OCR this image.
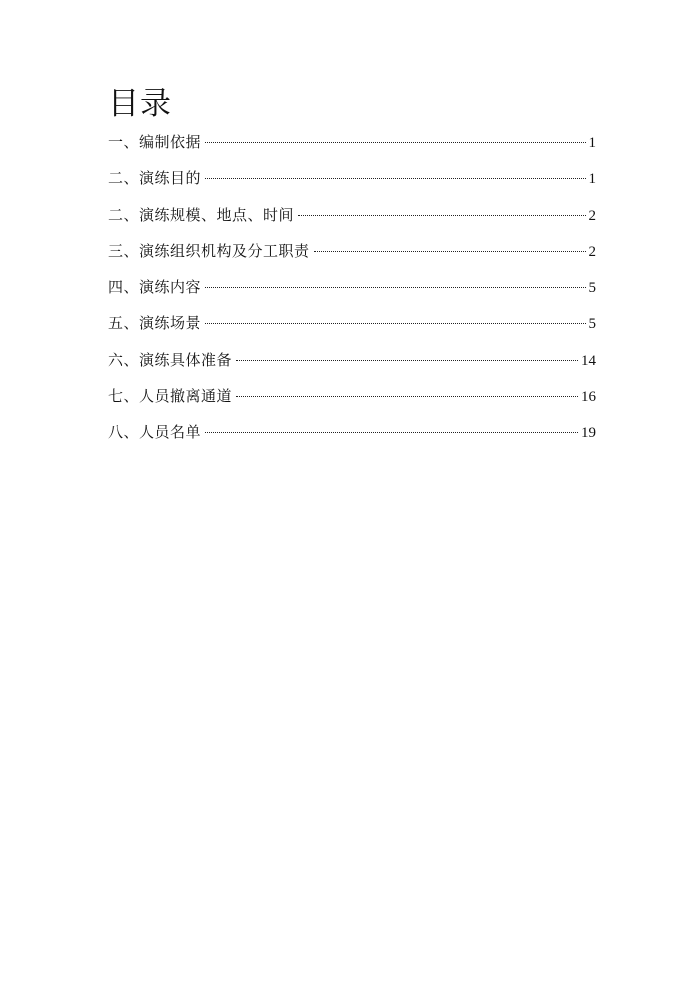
目录
一、编制依据	1
二、演练目的	1
二、演练规模、地点、时间	2
三、演练组织机构及分工职责	2
四、演练内容	5
五、演练场景	5
六、演练具体准备	14
七、人员撤离通道	16
八、人员名单	19
